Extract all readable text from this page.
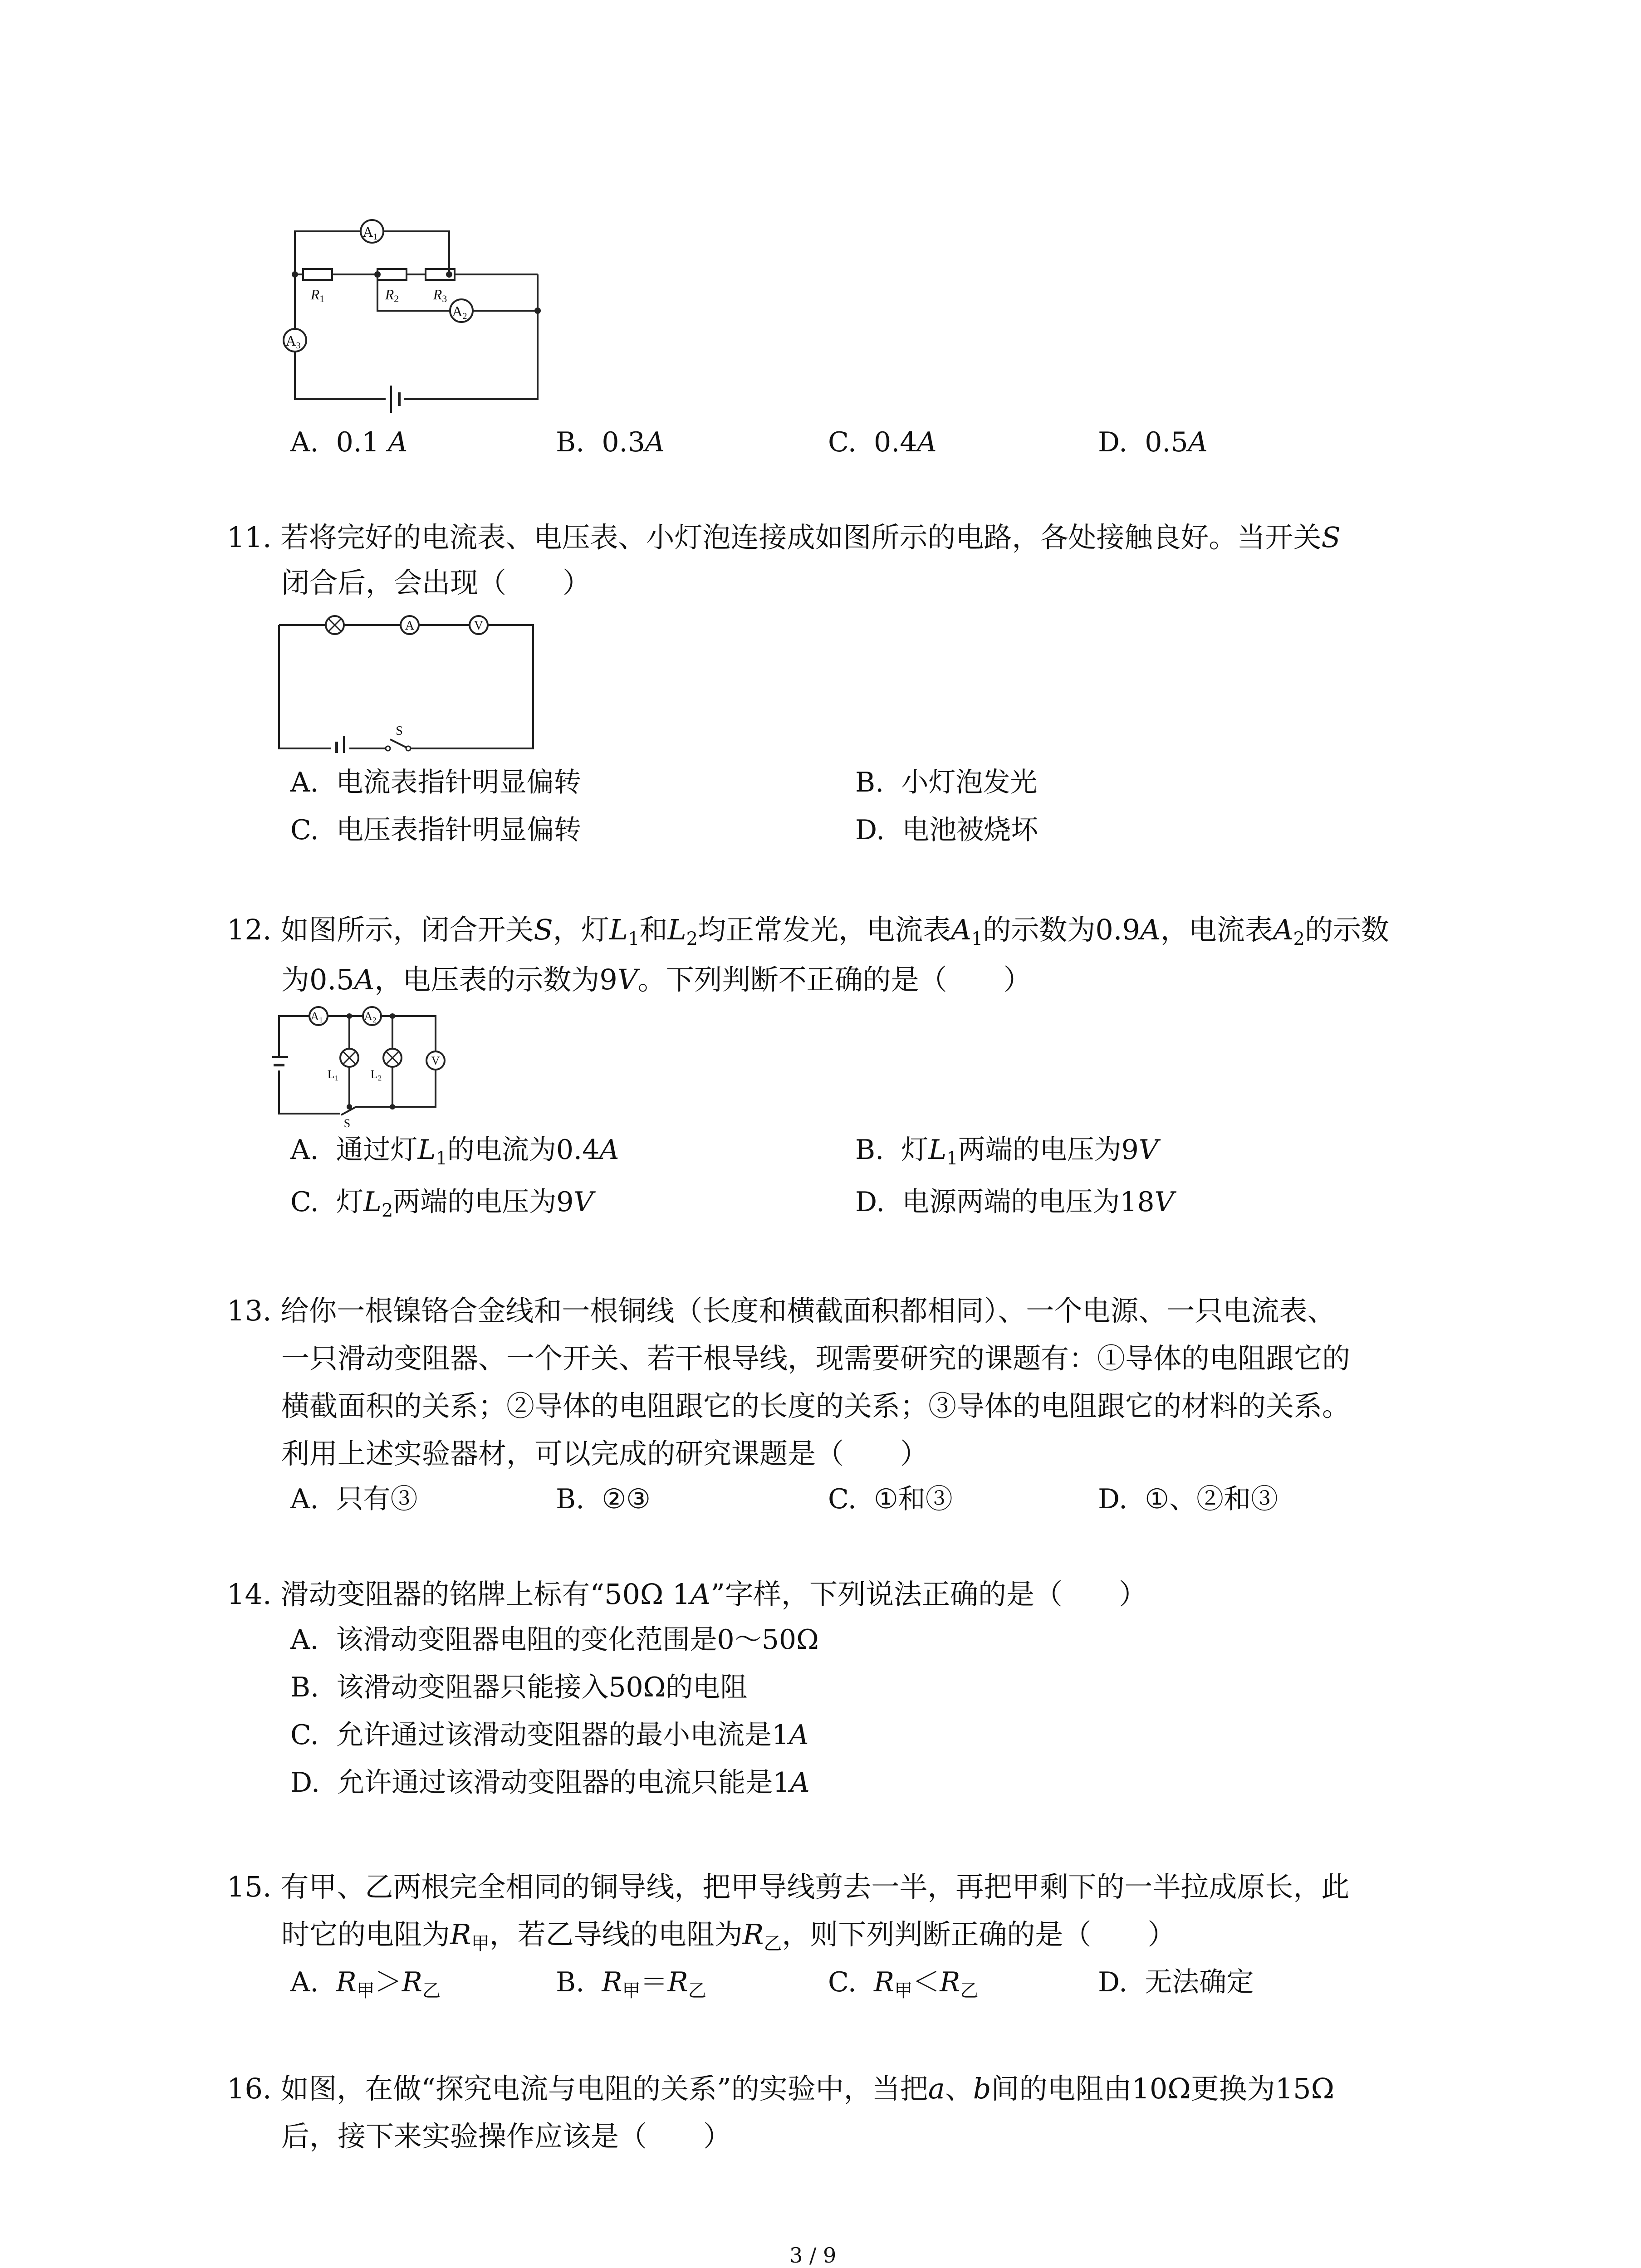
A1
A2
A3
R1	R2 R3
A. 0.1 A	B. 0.3A	C. 0.4A	D. 0.5A
11. 若将完好的电流表、电压表、小灯泡连接成如图所示的电路，各处接触良好。当开关S
闭合后，会出现（　　）
A	V
S
A. 电流表指针明显偏转	B. 小灯泡发光
C. 电压表指针明显偏转	D. 电池被烧坏
12. 如图所示，闭合开关S，灯$L_1$和$L_2$均正常发光，电流表$A_1$的示数为0.9A，电流表$A_2$的示数
为0.5A，电压表的示数为9V。下列判断不正确的是（　　）
A1	A2
V
L1	L2
S
A. 通过灯$L_1$的电流为0.4A	B. 灯$L_1$两端的电压为9V
C. 灯$L_2$两端的电压为9V	D. 电源两端的电压为18V
13. 给你一根镍铬合金线和一根铜线（长度和横截面积都相同）、一个电源、一只电流表、
一只滑动变阻器、一个开关、若干根导线，现需要研究的课题有：①导体的电阻跟它的
横截面积的关系；②导体的电阻跟它的长度的关系；③导体的电阻跟它的材料的关系。
利用上述实验器材，可以完成的研究课题是（　　）
A. 只有③	B. ②③	C. ①和③	D. ①、②和③
14. 滑动变阻器的铭牌上标有“50Ω 1A”字样，下列说法正确的是（　　）
A. 该滑动变阻器电阻的变化范围是0～50Ω
B. 该滑动变阻器只能接入50Ω的电阻
C. 允许通过该滑动变阻器的最小电流是1A
D. 允许通过该滑动变阻器的电流只能是1A
15. 有甲、乙两根完全相同的铜导线，把甲导线剪去一半，再把甲剩下的一半拉成原长，此
时它的电阻为$R_甲$，若乙导线的电阻为$R_乙$，则下列判断正确的是（　　）
A. $R_甲>R_乙$	B. $R_甲=R_乙$	C. $R_甲<R_乙$	D. 无法确定
16. 如图，在做“探究电流与电阻的关系”的实验中，当把a、b间的电阻由10Ω更换为15Ω
后，接下来实验操作应该是（　　）
3 / 9
